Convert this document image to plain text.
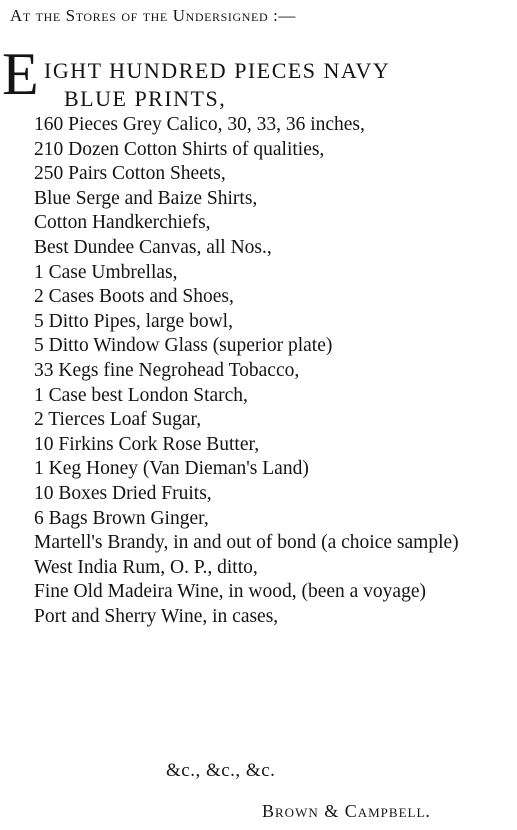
At the Stores of the Undersigned :—
E IGHT HUNDRED PIECES NAVY
BLUE PRINTS,
160 Pieces Grey Calico, 30, 33, 36 inches,
210 Dozen Cotton Shirts of qualities,
250 Pairs Cotton Sheets,
Blue Serge and Baize Shirts,
Cotton Handkerchiefs,
Best Dundee Canvas, all Nos.,
1 Case Umbrellas,
2 Cases Boots and Shoes,
5 Ditto Pipes, large bowl,
5 Ditto Window Glass (superior plate)
33 Kegs fine Negrohead Tobacco,
1 Case best London Starch,
2 Tierces Loaf Sugar,
10 Firkins Cork Rose Butter,
1 Keg Honey (Van Dieman's Land)
10 Boxes Dried Fruits,
6 Bags Brown Ginger,
Martell's Brandy, in and out of bond (a choice sample)
West India Rum, O. P., ditto,
Fine Old Madeira Wine, in wood, (been a voyage)
Port and Sherry Wine, in cases,
&c., &c., &c.
Brown & Campbell.
